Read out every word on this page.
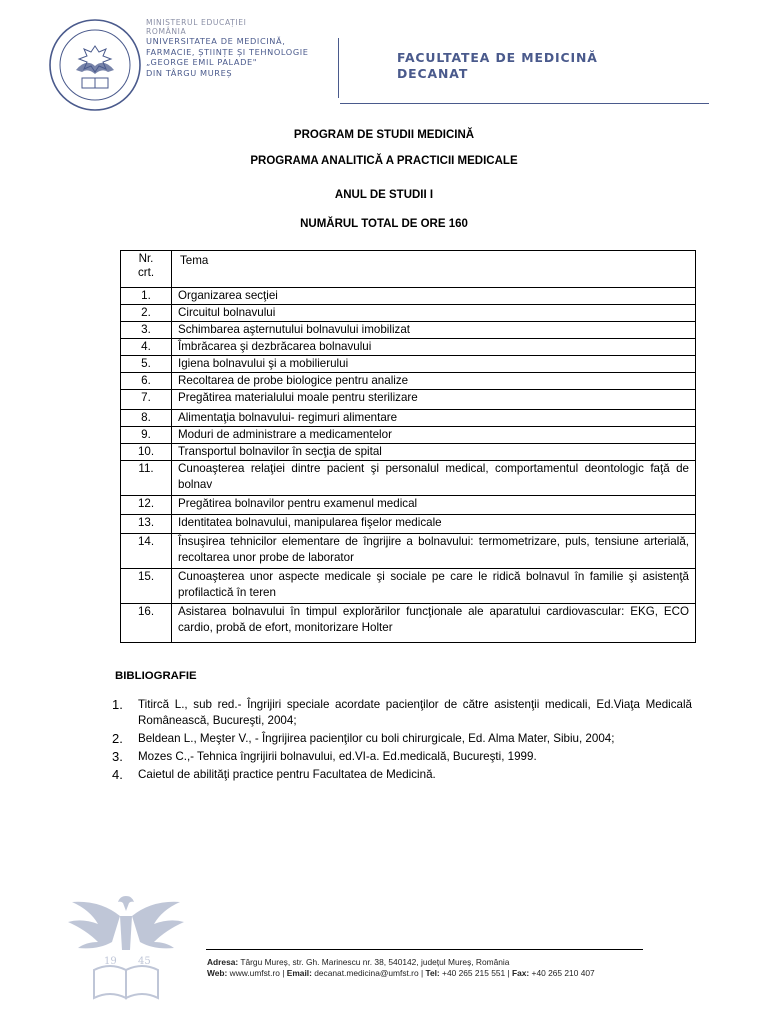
MINISTERUL EDUCAȚIEI
ROMÂNIA
UNIVERSITATEA DE MEDICINĂ,
FARMACIE, ȘTIINȚE ȘI TEHNOLOGIE
„GEORGE EMIL PALADE"
DIN TÂRGU MUREȘ
FACULTATEA DE MEDICINĂ
DECANAT
PROGRAM DE STUDII MEDICINĂ
PROGRAMA ANALITICĂ A PRACTICII MEDICALE
ANUL DE STUDII I
NUMĂRUL TOTAL DE ORE 160
Nr.
crt.	Tema
1.	Organizarea secţiei
2.	Circuitul bolnavului
3.	Schimbarea aşternutului bolnavului imobilizat
4.	Îmbrăcarea şi dezbrăcarea bolnavului
5.	Igiena bolnavului şi a mobilierului
6.	Recoltarea de probe biologice pentru analize
7.	Pregătirea materialului moale pentru sterilizare
8.	Alimentaţia bolnavului- regimuri alimentare
9.	Moduri de administrare a medicamentelor
10.	Transportul bolnavilor în secţia de spital
11.	Cunoaşterea relaţiei dintre pacient şi personalul medical, comportamentul deontologic faţă de bolnav
12.	Pregătirea bolnavilor pentru examenul medical
13.	Identitatea bolnavului, manipularea fişelor medicale
14.	Însuşirea tehnicilor elementare de îngrijire a bolnavului: termometrizare, puls, tensiune arterială, recoltarea unor probe de laborator
15.	Cunoaşterea unor aspecte medicale şi sociale pe care le ridică bolnavul în familie şi asistenţă profilactică în teren
16.	Asistarea bolnavului în timpul explorărilor funcţionale ale aparatului cardiovascular: EKG, ECO cardio, probă de efort, monitorizare Holter
BIBLIOGRAFIE
1. Titircă L., sub red.- Îngrijiri speciale acordate pacienţilor de către asistenţii medicali, Ed.Viaţa Medicală Românească, Bucureşti, 2004;
2. Beldean L., Meşter V., - Îngrijirea pacienţilor cu boli chirurgicale, Ed. Alma Mater, Sibiu, 2004;
3. Mozes C.,- Tehnica îngrijirii bolnavului, ed.VI-a. Ed.medicală, Bucureşti, 1999.
4. Caietul de abilităţi practice pentru Facultatea de Medicină.
19 45	Adresa: Târgu Mureș, str. Gh. Marinescu nr. 38, 540142, județul Mureș, România
Web: www.umfst.ro | Email: decanat.medicina@umfst.ro | Tel: +40 265 215 551 | Fax: +40 265 210 407
